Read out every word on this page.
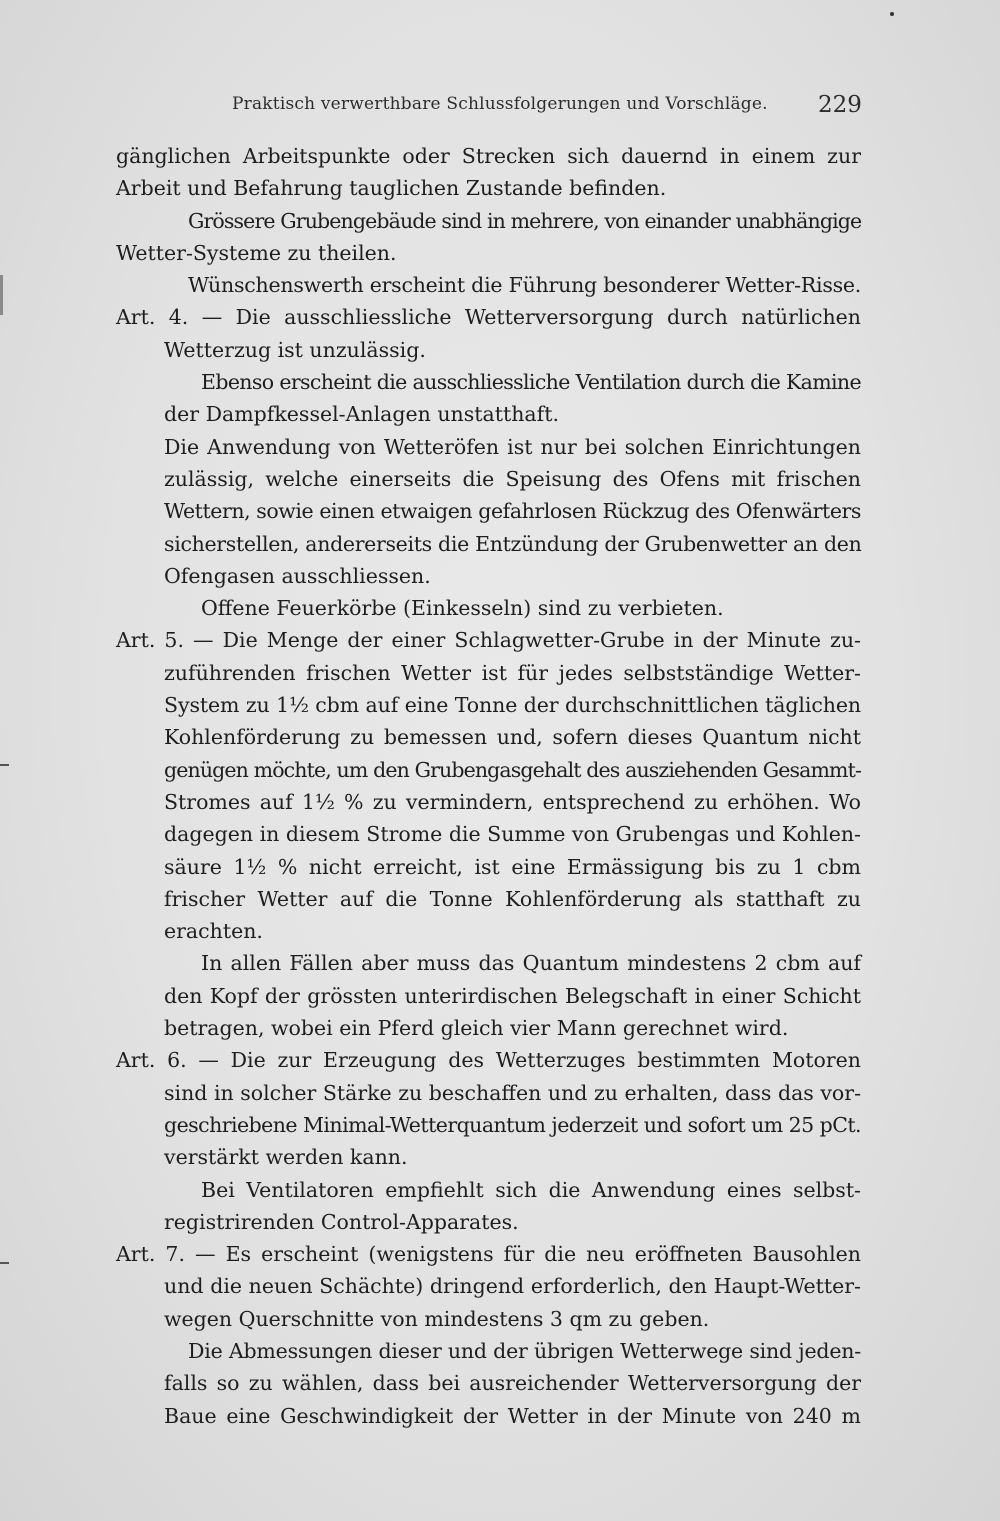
Praktisch verwerthbare Schlussfolgerungen und Vorschläge. 229
gänglichen Arbeitspunkte oder Strecken sich dauernd in einem zur
Arbeit und Befahrung tauglichen Zustande befinden.
Grössere Grubengebäude sind in mehrere, von einander unabhängige
Wetter-Systeme zu theilen.
Wünschenswerth erscheint die Führung besonderer Wetter-Risse.
Art. 4. — Die ausschliessliche Wetterversorgung durch natürlichen
Wetterzug ist unzulässig.
Ebenso erscheint die ausschliessliche Ventilation durch die Kamine
der Dampfkessel-Anlagen unstatthaft.
Die Anwendung von Wetteröfen ist nur bei solchen Einrichtungen
zulässig, welche einerseits die Speisung des Ofens mit frischen
Wettern, sowie einen etwaigen gefahrlosen Rückzug des Ofenwärters
sicherstellen, andererseits die Entzündung der Grubenwetter an den
Ofengasen ausschliessen.
Offene Feuerkörbe (Einkesseln) sind zu verbieten.
Art. 5. — Die Menge der einer Schlagwetter-Grube in der Minute zu-
zuführenden frischen Wetter ist für jedes selbstständige Wetter-
System zu 1½ cbm auf eine Tonne der durchschnittlichen täglichen
Kohlenförderung zu bemessen und, sofern dieses Quantum nicht
genügen möchte, um den Grubengasgehalt des ausziehenden Gesammt-
Stromes auf 1½ % zu vermindern, entsprechend zu erhöhen. Wo
dagegen in diesem Strome die Summe von Grubengas und Kohlen-
säure 1½ % nicht erreicht, ist eine Ermässigung bis zu 1 cbm
frischer Wetter auf die Tonne Kohlenförderung als statthaft zu
erachten.
In allen Fällen aber muss das Quantum mindestens 2 cbm auf
den Kopf der grössten unterirdischen Belegschaft in einer Schicht
betragen, wobei ein Pferd gleich vier Mann gerechnet wird.
Art. 6. — Die zur Erzeugung des Wetterzuges bestimmten Motoren
sind in solcher Stärke zu beschaffen und zu erhalten, dass das vor-
geschriebene Minimal-Wetterquantum jederzeit und sofort um 25 pCt.
verstärkt werden kann.
Bei Ventilatoren empfiehlt sich die Anwendung eines selbst-
registrirenden Control-Apparates.
Art. 7. — Es erscheint (wenigstens für die neu eröffneten Bausohlen
und die neuen Schächte) dringend erforderlich, den Haupt-Wetter-
wegen Querschnitte von mindestens 3 qm zu geben.
Die Abmessungen dieser und der übrigen Wetterwege sind jeden-
falls so zu wählen, dass bei ausreichender Wetterversorgung der
Baue eine Geschwindigkeit der Wetter in der Minute von 240 m
